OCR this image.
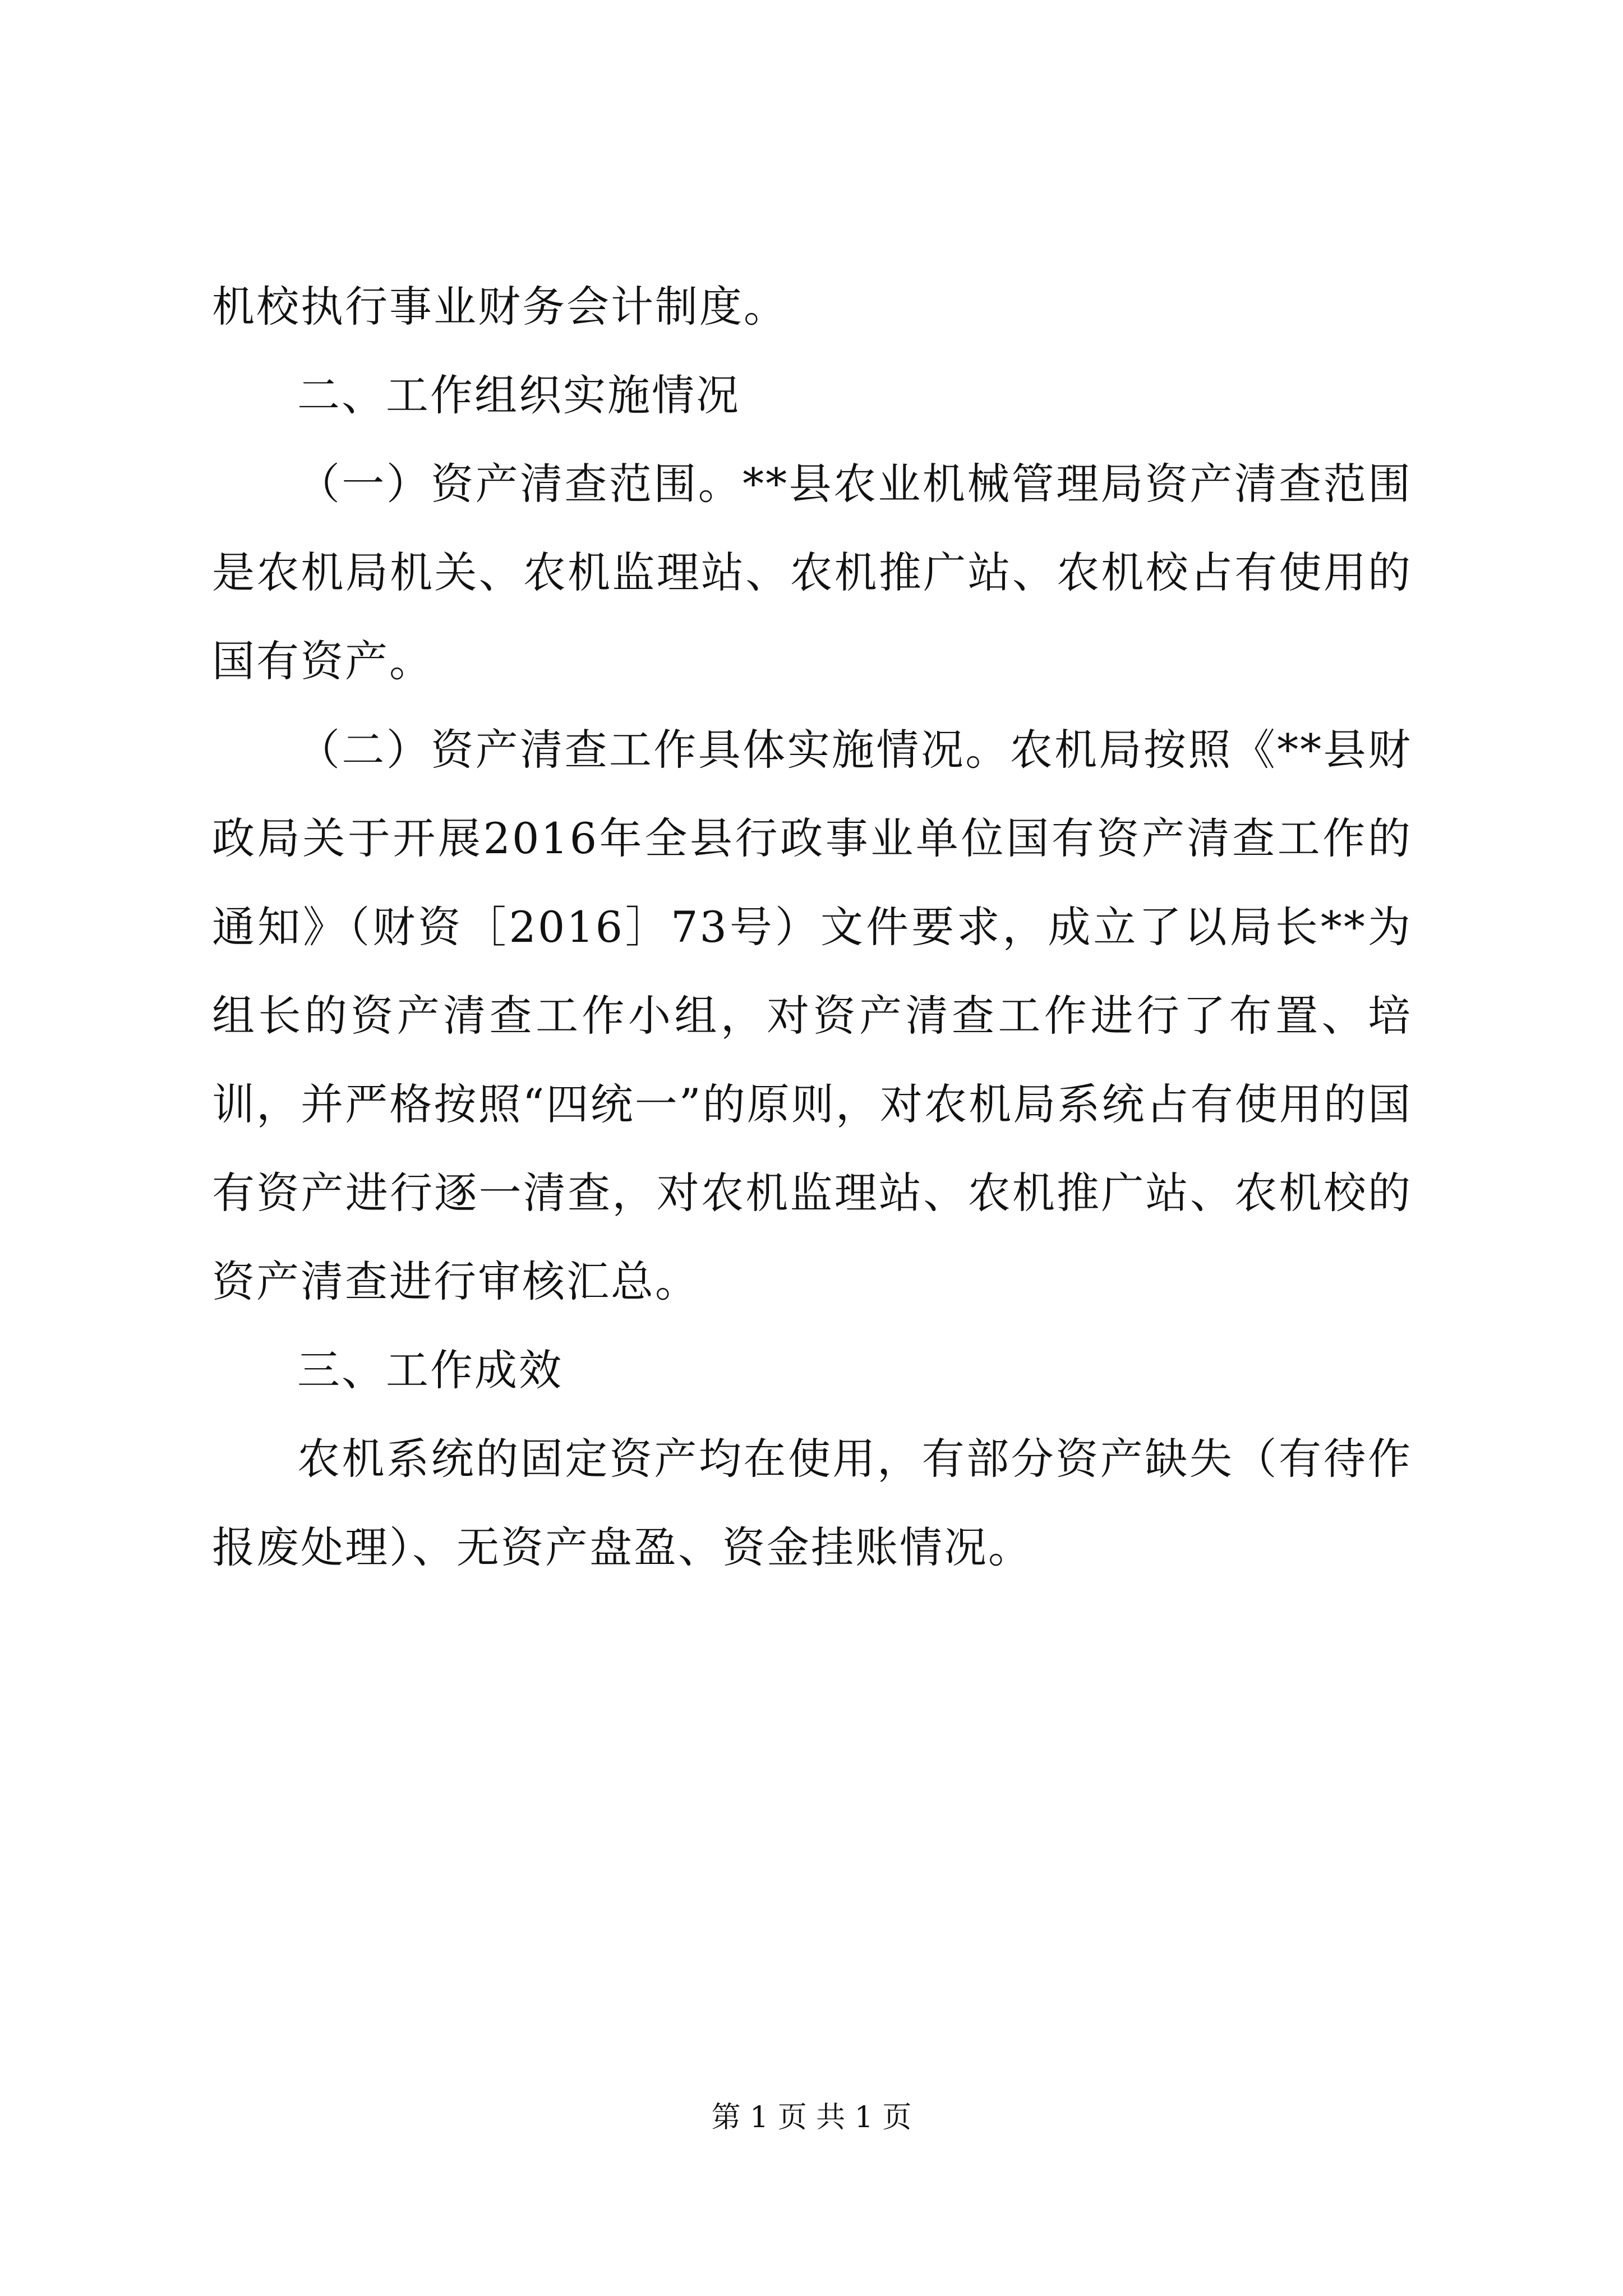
机校执行事业财务会计制度。

二、工作组织实施情况

（一）资产清查范围。**县农业机械管理局资产清查范围是农机局机关、农机监理站、农机推广站、农机校占有使用的国有资产。

（二）资产清查工作具体实施情况。农机局按照《**县财政局关于开展2016年全县行政事业单位国有资产清查工作的通知》（财资［2016］73号）文件要求，成立了以局长**为组长的资产清查工作小组，对资产清查工作进行了布置、培训，并严格按照“四统一”的原则，对农机局系统占有使用的国有资产进行逐一清查，对农机监理站、农机推广站、农机校的资产清查进行审核汇总。

三、工作成效

农机系统的固定资产均在使用，有部分资产缺失（有待作报废处理）、无资产盘盈、资金挂账情况。

第 1 页 共 1 页
